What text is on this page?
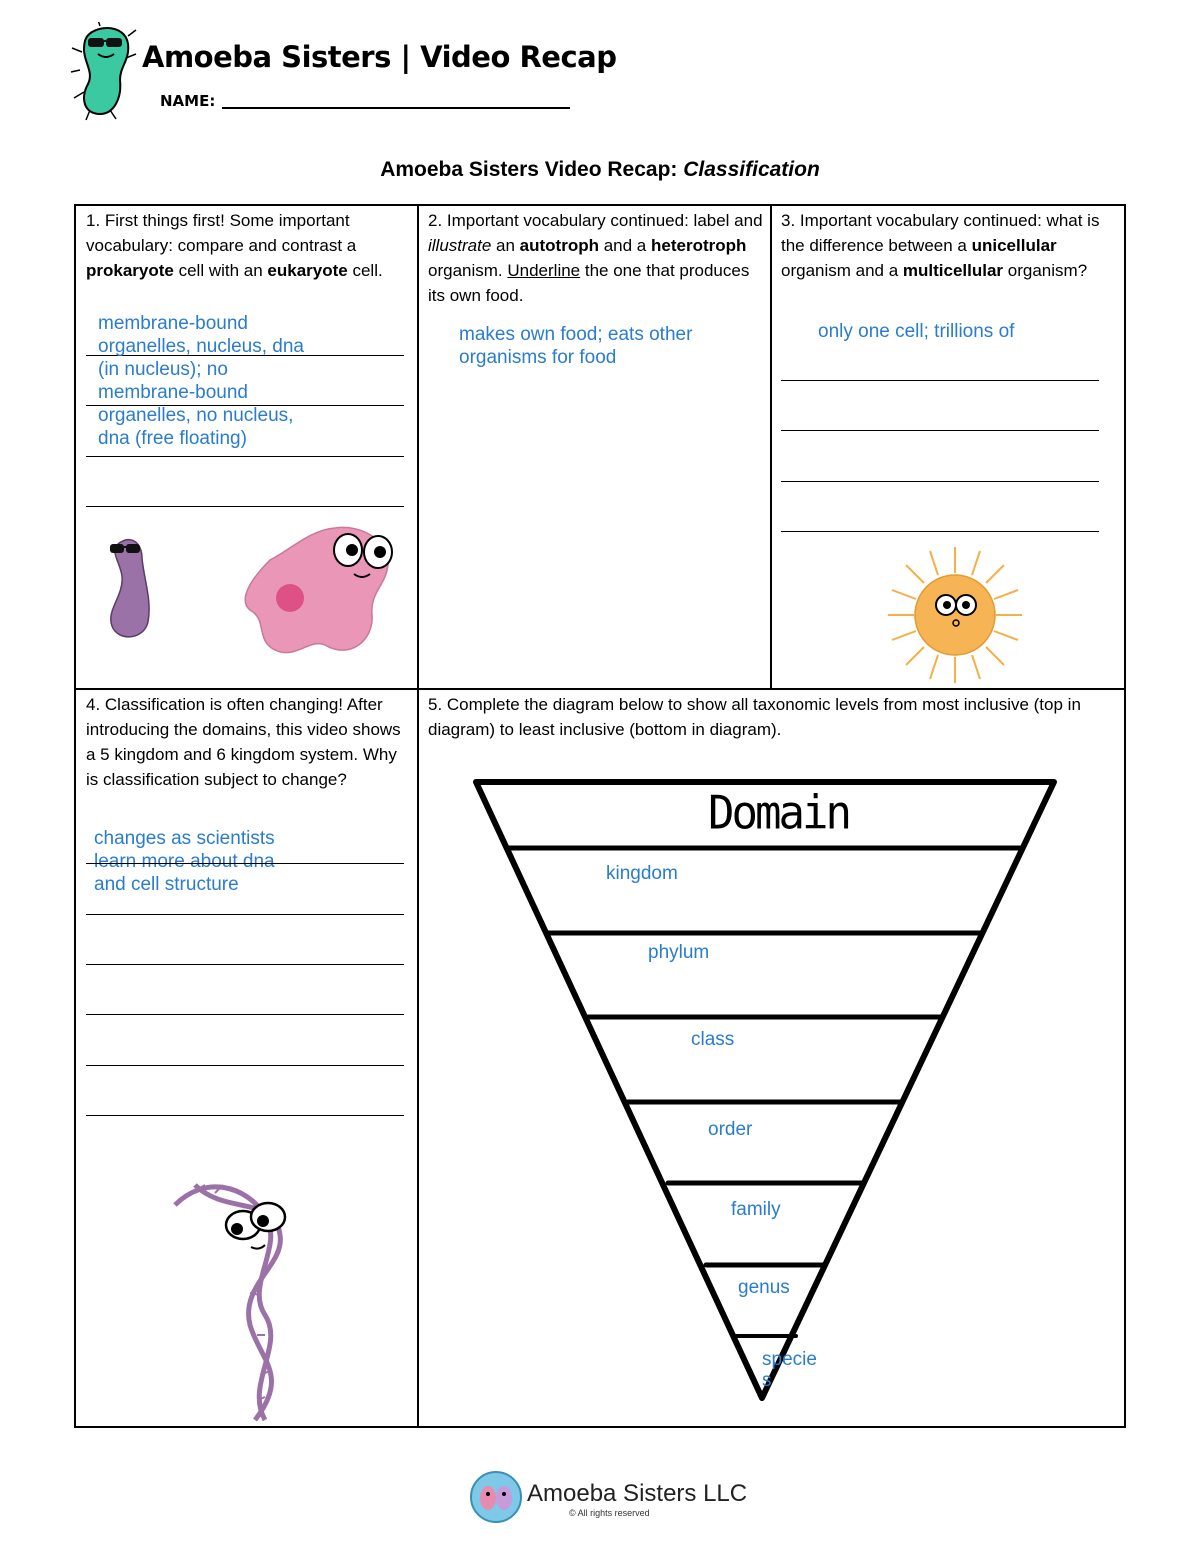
Amoeba Sisters | Video Recap
NAME:
Amoeba Sisters Video Recap: Classification
1. First things first! Some important vocabulary: compare and contrast a prokaryote cell with an eukaryote cell.
membrane-bound organelles, nucleus, dna (in nucleus); no membrane-bound organelles, no nucleus, dna (free floating)
2. Important vocabulary continued: label and illustrate an autotroph and a heterotroph organism. Underline the one that produces its own food.
makes own food; eats other organisms for food
3. Important vocabulary continued: what is the difference between a unicellular organism and a multicellular organism?
only one cell; trillions of
4. Classification is often changing! After introducing the domains, this video shows a 5 kingdom and 6 kingdom system. Why is classification subject to change?
changes as scientists learn more about dna and cell structure
5. Complete the diagram below to show all taxonomic levels from most inclusive (top in diagram) to least inclusive (bottom in diagram).
Domain
kingdom
phylum
class
order
family
genus
specie
s
Amoeba Sisters LLC
© All rights reserved
